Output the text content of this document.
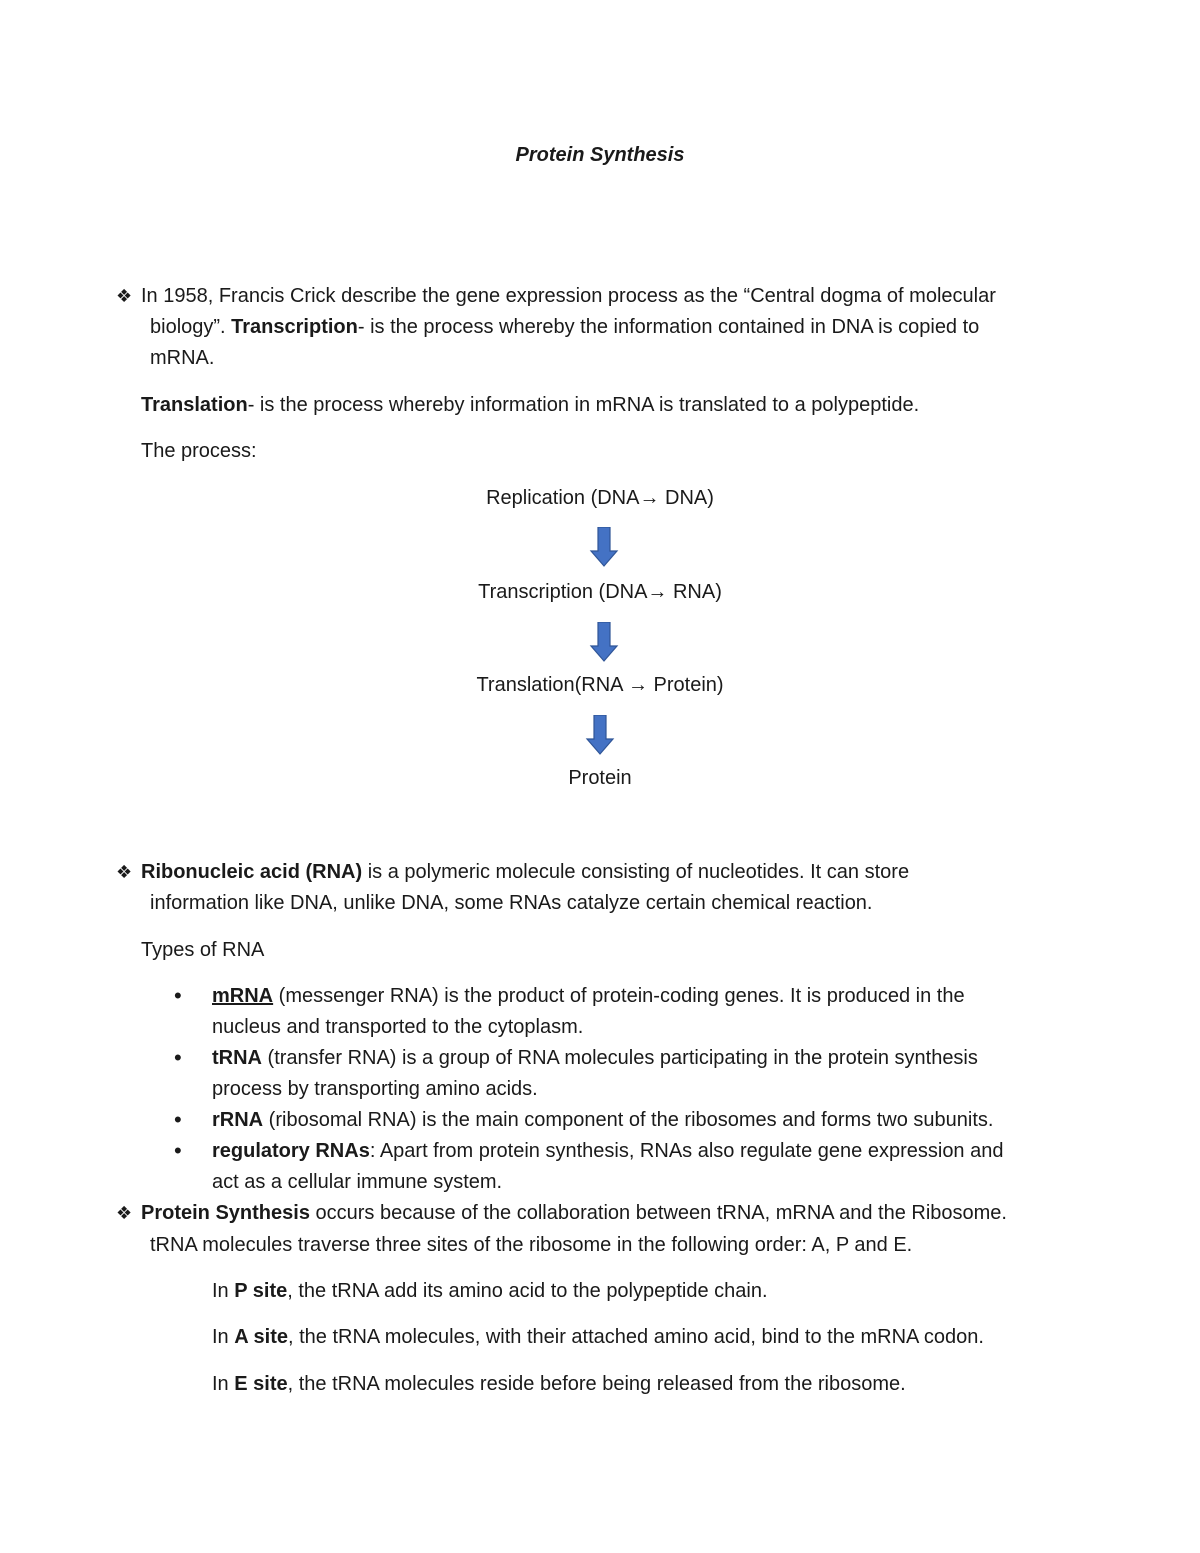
Protein Synthesis
❖ In 1958, Francis Crick describe the gene expression process as the “Central dogma of molecular
biology”. Transcription- is the process whereby the information contained in DNA is copied to
mRNA.
Translation- is the process whereby information in mRNA is translated to a polypeptide.
The process:
Replication (DNA→ DNA)
Transcription (DNA→ RNA)
Translation(RNA → Protein)
Protein
❖ Ribonucleic acid (RNA) is a polymeric molecule consisting of nucleotides. It can store
information like DNA, unlike DNA, some RNAs catalyze certain chemical reaction.
Types of RNA
• mRNA (messenger RNA) is the product of protein-coding genes. It is produced in the
nucleus and transported to the cytoplasm.
• tRNA (transfer RNA) is a group of RNA molecules participating in the protein synthesis
process by transporting amino acids.
• rRNA (ribosomal RNA) is the main component of the ribosomes and forms two subunits.
• regulatory RNAs: Apart from protein synthesis, RNAs also regulate gene expression and
act as a cellular immune system.
❖ Protein Synthesis occurs because of the collaboration between tRNA, mRNA and the Ribosome.
tRNA molecules traverse three sites of the ribosome in the following order: A, P and E.
In P site, the tRNA add its amino acid to the polypeptide chain.
In A site, the tRNA molecules, with their attached amino acid, bind to the mRNA codon.
In E site, the tRNA molecules reside before being released from the ribosome.
